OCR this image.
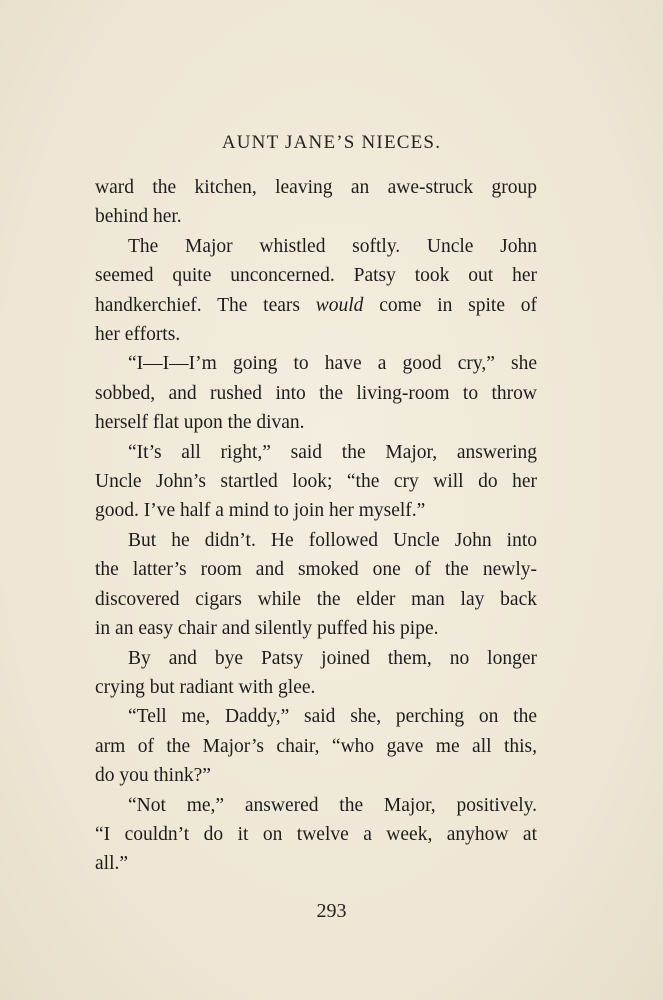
AUNT JANE’S NIECES.

ward the kitchen, leaving an awe-struck group

behind her.

The Major whistled softly. Uncle John

seemed quite unconcerned. Patsy took out her

handkerchief. The tears would come in spite of

her efforts.

“I—I—I’m going to have a good cry,” she

sobbed, and rushed into the living-room to throw

herself flat upon the divan.

“It’s all right,” said the Major, answering

Uncle John’s startled look; “the cry will do her

good. I’ve half a mind to join her myself.”

But he didn’t. He followed Uncle John into

the latter’s room and smoked one of the newly-

discovered cigars while the elder man lay back

in an easy chair and silently puffed his pipe.

By and bye Patsy joined them, no longer

crying but radiant with glee.

“Tell me, Daddy,” said she, perching on the

arm of the Major’s chair, “who gave me all this,

do you think?”

“Not me,” answered the Major, positively.

“I couldn’t do it on twelve a week, anyhow at

all.”

293
